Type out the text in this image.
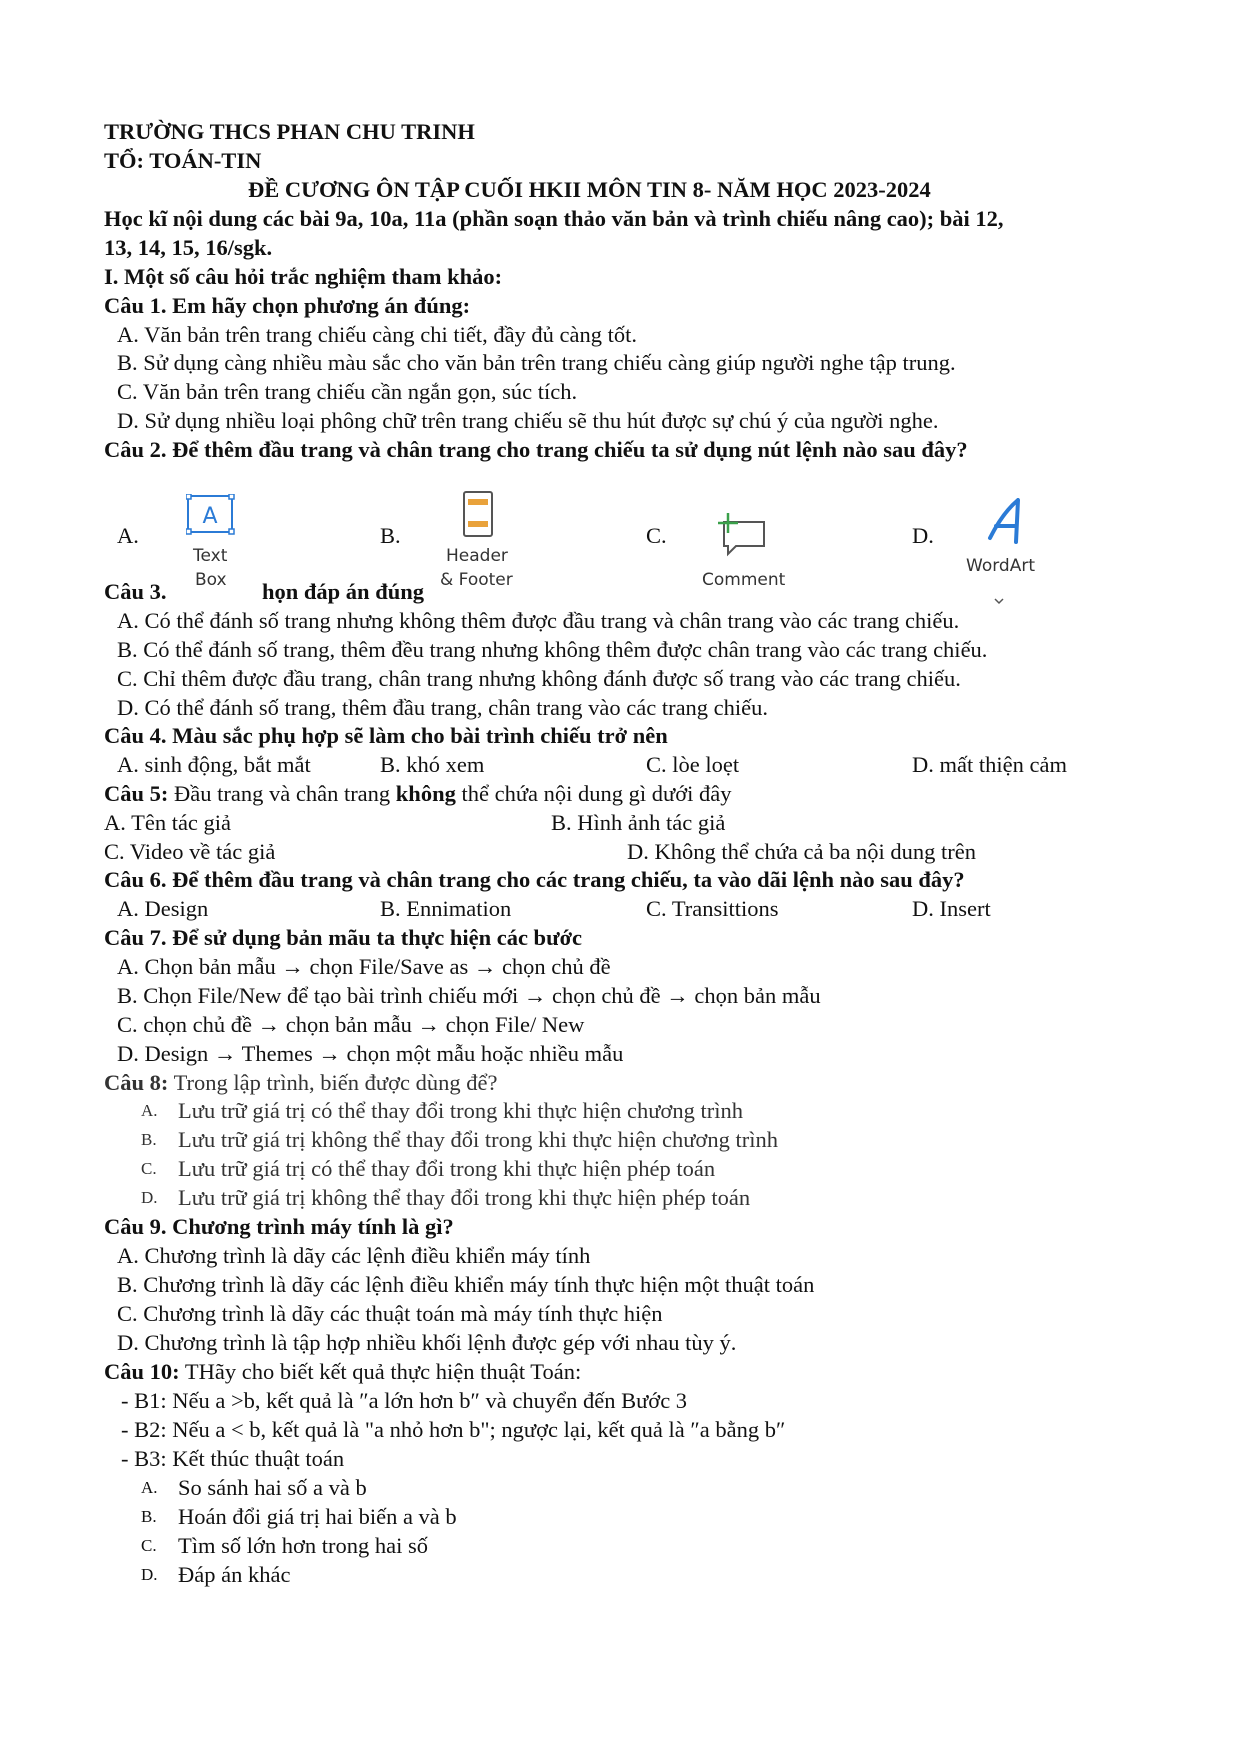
TRƯỜNG THCS PHAN CHU TRINH
TỔ: TOÁN-TIN
ĐỀ CƯƠNG ÔN TẬP CUỐI HKII MÔN TIN 8- NĂM HỌC 2023-2024
Học kĩ nội dung các bài 9a, 10a, 11a (phần soạn thảo văn bản và trình chiếu nâng cao); bài 12,
13, 14, 15, 16/sgk.
I. Một số câu hỏi trắc nghiệm tham khảo:
Câu 1. Em hãy chọn phương án đúng:
A. Văn bản trên trang chiếu càng chi tiết, đầy đủ càng tốt.
B. Sử dụng càng nhiều màu sắc cho văn bản trên trang chiếu càng giúp người nghe tập trung.
C. Văn bản trên trang chiếu cần ngắn gọn, súc tích.
D. Sử dụng nhiều loại phông chữ trên trang chiếu sẽ thu hút được sự chú ý của người nghe.
Câu 2. Để thêm đầu trang và chân trang cho trang chiếu ta sử dụng nút lệnh nào sau đây?
A.
A
Text
Box
B.
Header
& Footer
C.
Comment
D.
WordArt
Câu 3.	họn đáp án đúng
A. Có thể đánh số trang nhưng không thêm được đầu trang và chân trang vào các trang chiếu.
B. Có thể đánh số trang, thêm đều trang nhưng không thêm được chân trang vào các trang chiếu.
C. Chỉ thêm được đầu trang, chân trang nhưng không đánh được số trang vào các trang chiếu.
D. Có thể đánh số trang, thêm đầu trang, chân trang vào các trang chiếu.
Câu 4. Màu sắc phụ hợp sẽ làm cho bài trình chiếu trở nên
A. sinh động, bắt mắt	B. khó xem	C. lòe loẹt	D. mất thiện cảm
Câu 5: Đầu trang và chân trang không thể chứa nội dung gì dưới đây
A. Tên tác giả	B. Hình ảnh tác giả
C. Video về tác giả	D. Không thể chứa cả ba nội dung trên
Câu 6. Để thêm đầu trang và chân trang cho các trang chiếu, ta vào dãi lệnh nào sau đây?
A. Design	B. Ennimation	C. Transittions	D. Insert
Câu 7. Để sử dụng bản mãu ta thực hiện các bước
A. Chọn bản mẫu → chọn File/Save as → chọn chủ đề
B. Chọn File/New để tạo bài trình chiếu mới → chọn chủ đề → chọn bản mẫu
C. chọn chủ đề → chọn bản mẫu → chọn File/ New
D. Design → Themes → chọn một mẫu hoặc nhiều mẫu
Câu 8: Trong lập trình, biến được dùng để?
A. Lưu trữ giá trị có thể thay đổi trong khi thực hiện chương trình
B. Lưu trữ giá trị không thể thay đổi trong khi thực hiện chương trình
C. Lưu trữ giá trị có thể thay đổi trong khi thực hiện phép toán
D. Lưu trữ giá trị không thể thay đổi trong khi thực hiện phép toán
Câu 9. Chương trình máy tính là gì?
A. Chương trình là dãy các lệnh điều khiển máy tính
B. Chương trình là dãy các lệnh điều khiển máy tính thực hiện một thuật toán
C. Chương trình là dãy các thuật toán mà máy tính thực hiện
D. Chương trình là tập hợp nhiều khối lệnh được gép với nhau tùy ý.
Câu 10: THãy cho biết kết quả thực hiện thuật Toán:
- B1: Nếu a >b, kết quả là ″a lớn hơn b″ và chuyển đến Bước 3
- B2: Nếu a < b, kết quả là "a nhỏ hơn b"; ngược lại, kết quả là ″a bằng b″
- B3: Kết thúc thuật toán
A. So sánh hai số a và b
B. Hoán đổi giá trị hai biến a và b
C. Tìm số lớn hơn trong hai số
D. Đáp án khác
